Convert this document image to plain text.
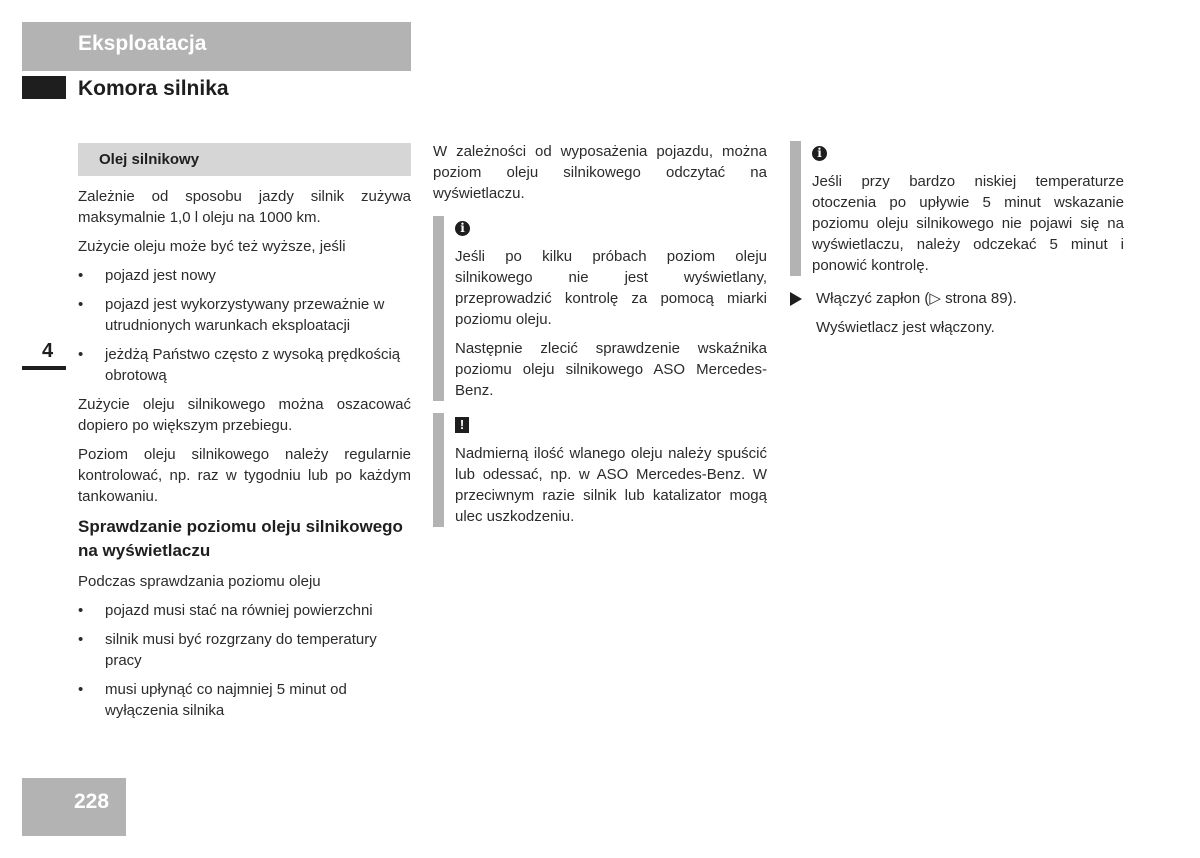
Eksploatacja
Komora silnika
4
228
Olej silnikowy

Zależnie od sposobu jazdy silnik zużywa maksymalnie 1,0 l oleju na 1000 km.

Zużycie oleju może być też wyższe, jeśli

• pojazd jest nowy
• pojazd jest wykorzystywany przeważnie w utrudnionych warunkach eksploatacji
• jeżdżą Państwo często z wysoką prędkością obrotową

Zużycie oleju silnikowego można oszacować dopiero po większym przebiegu.

Poziom oleju silnikowego należy regularnie kontrolować, np. raz w tygodniu lub po każdym tankowaniu.

Sprawdzanie poziomu oleju silnikowego na wyświetlaczu

Podczas sprawdzania poziomu oleju

• pojazd musi stać na równiej powierzchni
• silnik musi być rozgrzany do temperatury pracy
• musi upłynąć co najmniej 5 minut od wyłączenia silnika

W zależności od wyposażenia pojazdu, można poziom oleju silnikowego odczytać na wyświetlaczu.

i

Jeśli po kilku próbach poziom oleju silnikowego nie jest wyświetlany, przeprowadzić kontrolę za pomocą miarki poziomu oleju.

Następnie zlecić sprawdzenie wskaźnika poziomu oleju silnikowego ASO Mercedes-Benz.

!

Nadmierną ilość wlanego oleju należy spuścić lub odessać, np. w ASO Mercedes-Benz. W przeciwnym razie silnik lub katalizator mogą ulec uszkodzeniu.

i

Jeśli przy bardzo niskiej temperaturze otoczenia po upływie 5 minut wskazanie poziomu oleju silnikowego nie pojawi się na wyświetlaczu, należy odczekać 5 minut i ponowić kontrolę.

Włączyć zapłon (▷ strona 89).

Wyświetlacz jest włączony.
